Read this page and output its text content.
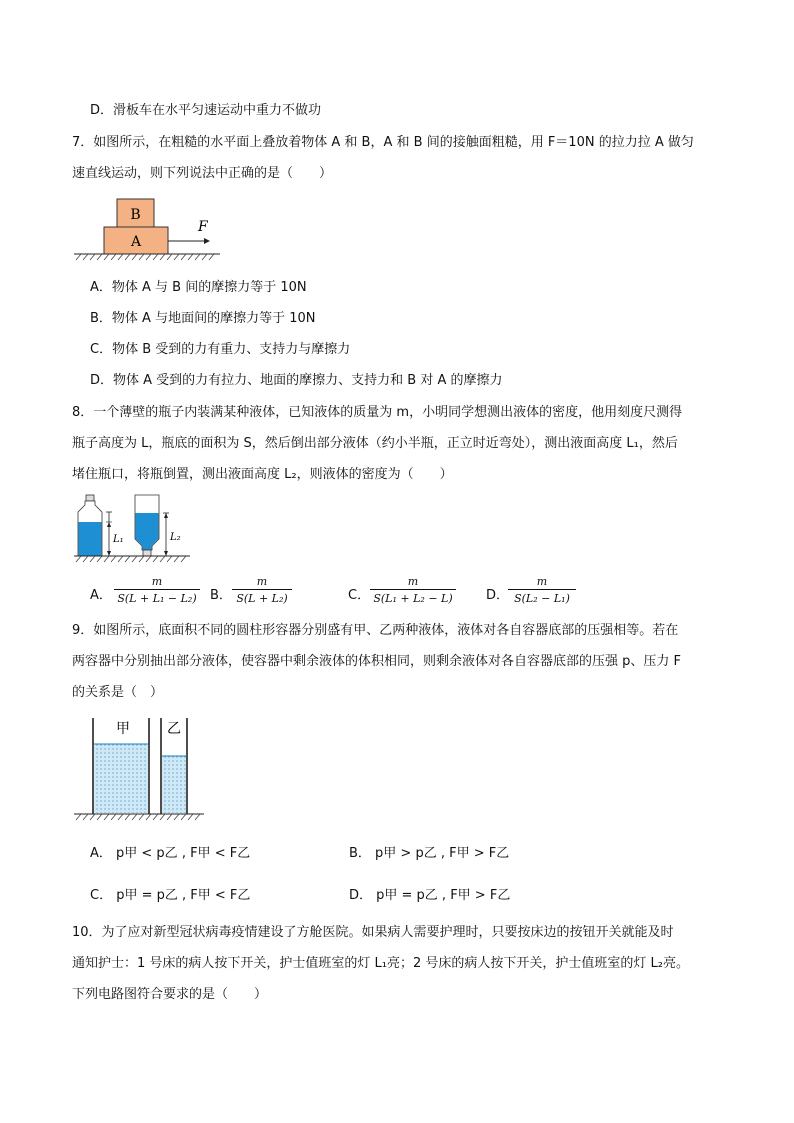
D．滑板车在水平匀速运动中重力不做功
7．如图所示，在粗糙的水平面上叠放着物体 A 和 B，A 和 B 间的接触面粗糙，用 F＝10N 的拉力拉 A 做匀
速直线运动，则下列说法中正确的是（　　）
B
A
F
A．物体 A 与 B 间的摩擦力等于 10N
B．物体 A 与地面间的摩擦力等于 10N
C．物体 B 受到的力有重力、支持力与摩擦力
D．物体 A 受到的力有拉力、地面的摩擦力、支持力和 B 对 A 的摩擦力
8．一个薄壁的瓶子内装满某种液体，已知液体的质量为 m，小明同学想测出液体的密度，他用刻度尺测得
瓶子高度为 L，瓶底的面积为 S，然后倒出部分液体（约小半瓶，正立时近弯处），测出液面高度 L₁，然后
堵住瓶口，将瓶倒置，测出液面高度 L₂，则液体的密度为（　　）
L₁	L₂
A．
m
S(L + L₁ − L₂) B．
m
S(L + L₂)	C．
m
S(L₁ + L₂ − L)	D．
m
S(L₂ − L₁)
9．如图所示，底面积不同的圆柱形容器分别盛有甲、乙两种液体，液体对各自容器底部的压强相等。若在
两容器中分别抽出部分液体，使容器中剩余液体的体积相同，则剩余液体对各自容器底部的压强 p、压力 F
的关系是（　）
甲	乙
A． p甲 < p乙 , F甲 < F乙	B． p甲 > p乙 , F甲 > F乙
C． p甲 = p乙 , F甲 < F乙	D． p甲 = p乙 , F甲 > F乙
10．为了应对新型冠状病毒疫情建设了方舱医院。如果病人需要护理时，只要按床边的按钮开关就能及时
通知护士：1 号床的病人按下开关，护士值班室的灯 L₁亮；2 号床的病人按下开关，护士值班室的灯 L₂亮。
下列电路图符合要求的是（　　）
